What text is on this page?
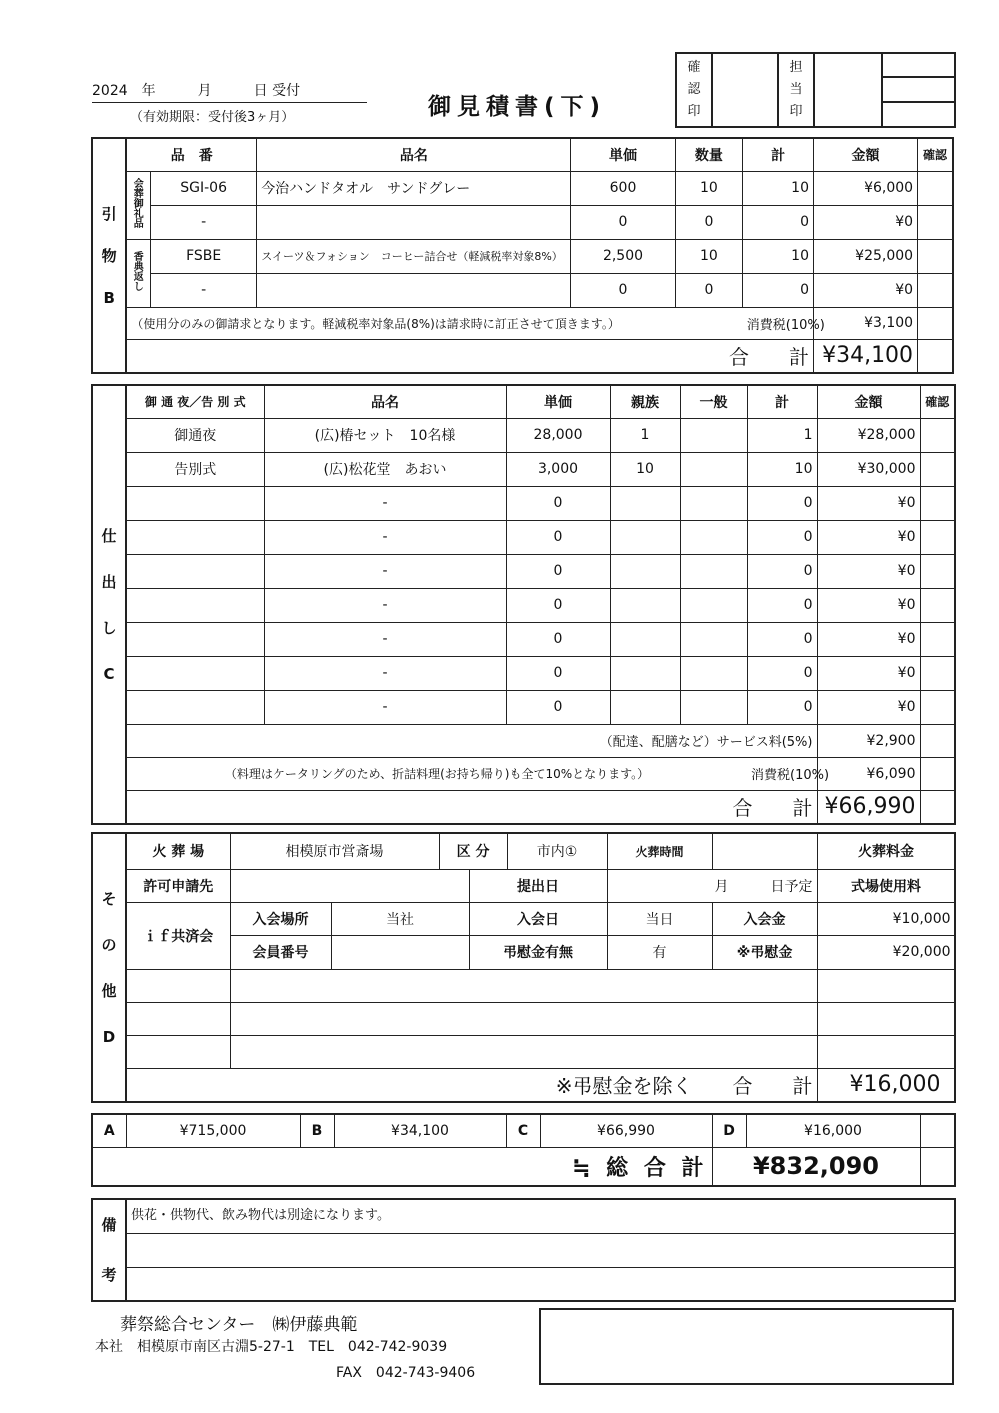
2024　年　　　月　　　日 受付
（有効期限：受付後3ヶ月）	御見積書(下)
確
認
印

担
当
印

引
物
B	品　番		品名	単価	数量	計	金額	確認
	会葬御礼品	SGI-06	今治ハンドタオル　サンドグレー	600	10	10	¥6,000	
		-		0	0	0	¥0	
	香典返し	FSBE	スイーツ＆フォション　コーヒー詰合せ（軽減税率対象8%）	2,500	10	10	¥25,000	
		-		0	0	0	¥0	
	（使用分のみの御請求となります。軽減税率対象品(8%)は請求時に訂正させて頂きます。）					消費税(10%)	¥3,100	
	合　　計						¥34,100	
仕
出
し
C	御 通 夜／告 別 式	品名	単価	親族	一般	計	金額	確認
	御通夜	(広)椿セット　10名様	28,000	1		1	¥28,000	
	告別式	(広)松花堂　あおい	3,000	10		10	¥30,000	
		-	0			0	¥0	
		-	0			0	¥0	
		-	0			0	¥0	
		-	0			0	¥0	
		-	0			0	¥0	
		-	0			0	¥0	
		-	0			0	¥0	
	（配達、配膳など）サービス料(5%)						¥2,900	
	（料理はケータリングのため、折詰料理(お持ち帰り)も全て10%となります。）					消費税(10%)	¥6,090	
	合　　計						¥66,990	
そ
の
他
D	火 葬 場	相模原市営斎場		区 分		市内①	火葬時間		火葬料金	
	許可申請先				提出日		月　　　日予定		式場使用料	
	ｉｆ共済会	入会場所	当社		入会日		当日	入会金	¥10,000	
		会員番号			弔慰金有無		有	※弔慰金	¥20,000	

	※弔慰金を除く　　合　　計								¥16,000	
A	¥715,000	B	¥34,100	C	¥66,990	D	¥16,000	
≒ 総 合 計						¥832,090		
備
考
	供花・供物代、飲み物代は別途になります。

葬祭総合センター　㈱伊藤典範
本社　相模原市南区古淵5-27-1　TEL　042-742-9039
FAX　042-743-9406
